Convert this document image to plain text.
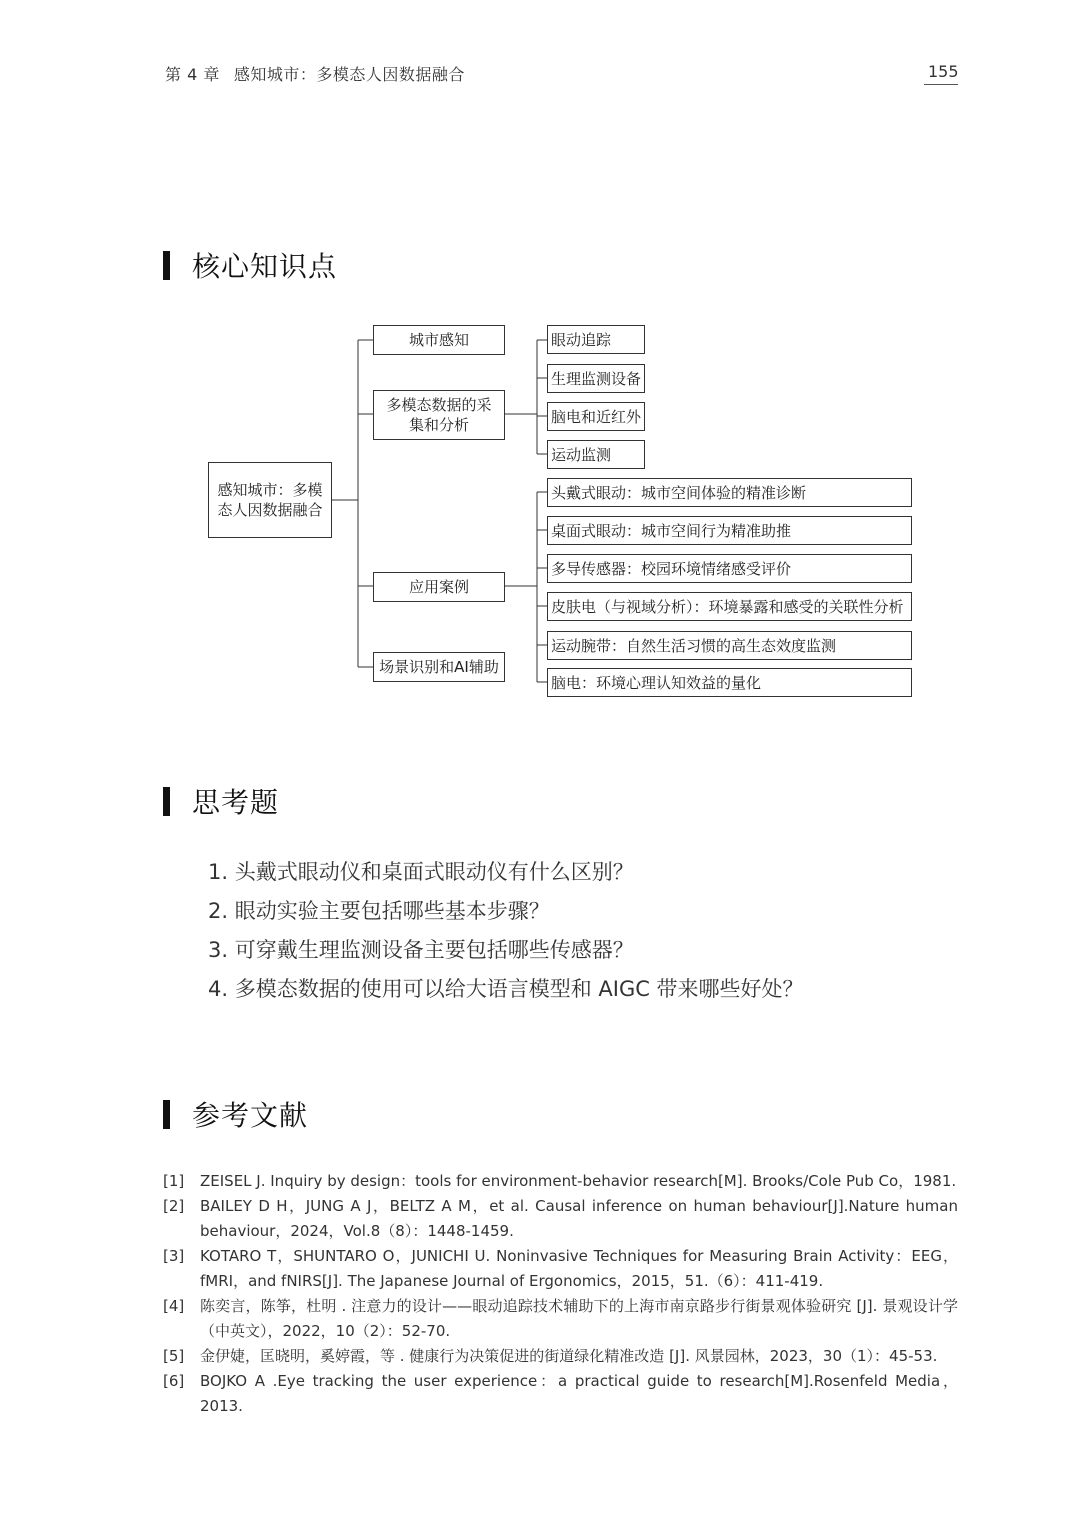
第 4 章 感知城市：多模态人因数据融合	155
核心知识点
感知城市：多模态人因数据融合
城市感知
多模态数据的采集和分析
应用案例
场景识别和AI辅助
眼动追踪
生理监测设备
脑电和近红外
运动监测
头戴式眼动：城市空间体验的精准诊断
桌面式眼动：城市空间行为精准助推
多导传感器：校园环境情绪感受评价
皮肤电（与视域分析）：环境暴露和感受的关联性分析
运动腕带：自然生活习惯的高生态效度监测
脑电：环境心理认知效益的量化
思考题
1. 头戴式眼动仪和桌面式眼动仪有什么区别？
2. 眼动实验主要包括哪些基本步骤？
3. 可穿戴生理监测设备主要包括哪些传感器？
4. 多模态数据的使用可以给大语言模型和 AIGC 带来哪些好处？
参考文献
[1] ZEISEL J. Inquiry by design：tools for environment-behavior research[M]. Brooks/Cole Pub Co，1981.
[2] BAILEY D H，JUNG A J，BELTZ A M，et al. Causal inference on human behaviour[J].Nature human behaviour，2024，Vol.8（8）：1448-1459.
[3] KOTARO T，SHUNTARO O，JUNICHI U. Noninvasive Techniques for Measuring Brain Activity：EEG，fMRI，and fNIRS[J]. The Japanese Journal of Ergonomics，2015，51.（6）：411-419.
[4] 陈奕言，陈筝，杜明 . 注意力的设计——眼动追踪技术辅助下的上海市南京路步行街景观体验研究 [J]. 景观设计学（中英文），2022，10（2）：52-70.
[5] 金伊婕，匡晓明，奚婷霞，等 . 健康行为决策促进的街道绿化精准改造 [J]. 风景园林，2023，30（1）：45-53.
[6] BOJKO A .Eye tracking the user experience：a practical guide to research[M].Rosenfeld Media，2013.
